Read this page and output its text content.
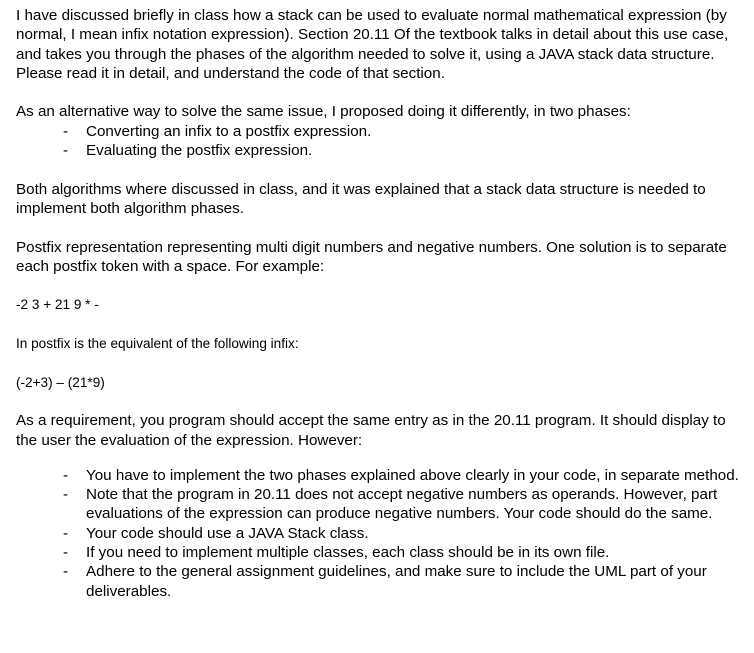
I have discussed briefly in class how a stack can be used to evaluate normal mathematical expression (by normal, I mean infix notation expression). Section 20.11 Of the textbook talks in detail about this use case, and takes you through the phases of the algorithm needed to solve it, using a JAVA stack data structure. Please read it in detail, and understand the code of that section.

As an alternative way to solve the same issue, I proposed doing it differently, in two phases:

- Converting an infix to a postfix expression.
- Evaluating the postfix expression.

Both algorithms where discussed in class, and it was explained that a stack data structure is needed to implement both algorithm phases.

Postfix representation representing multi digit numbers and negative numbers. One solution is to separate each postfix token with a space. For example:

-2 3 + 21 9 * -

In postfix is the equivalent of the following infix:

(-2+3) – (21*9)

As a requirement, you program should accept the same entry as in the 20.11 program. It should display to the user the evaluation of the expression. However:

- You have to implement the two phases explained above clearly in your code, in separate method.
- Note that the program in 20.11 does not accept negative numbers as operands. However, part evaluations of the expression can produce negative numbers. Your code should do the same.
- Your code should use a JAVA Stack class.
- If you need to implement multiple classes, each class should be in its own file.
- Adhere to the general assignment guidelines, and make sure to include the UML part of your deliverables.
